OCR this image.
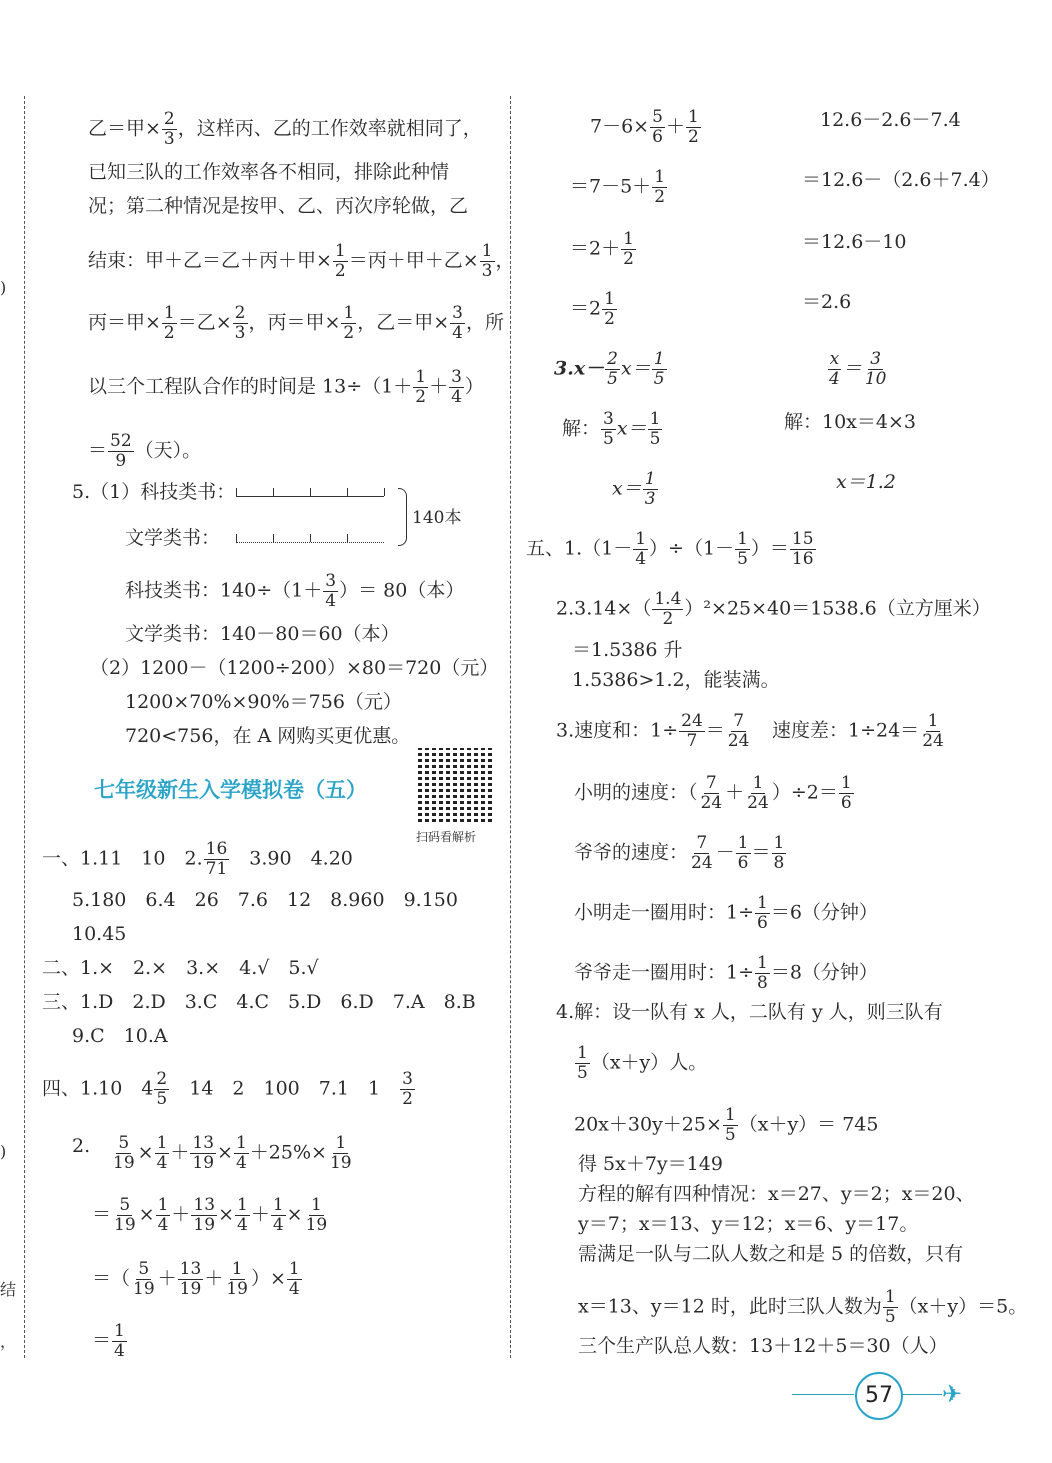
)
)
结
，
乙＝甲× $\frac{2}{3}$ ，这样丙、乙的工作效率就相同了，
已知三队的工作效率各不相同，排除此种情
况；第二种情况是按甲、乙、丙次序轮做，乙
结束：甲＋乙＝乙＋丙＋甲× $\frac{1}{2}$ ＝丙＋甲＋乙× $\frac{1}{3}$ ，
丙＝甲× $\frac{1}{2}$ ＝乙× $\frac{2}{3}$ ，丙＝甲× $\frac{1}{2}$ ，乙＝甲× $\frac{3}{4}$ ，所
以三个工程队合作的时间是 $13\div(1+ \frac{1}{2} + \frac{3}{4}$ ）
＝ $\frac{52}{9}$ （天）。
5.（1）科技类书：
文学类书：
140本
科技类书：$140\div(1+ \frac{3}{4}$ ）＝ 80（本）
文学类书：140－80＝60（本）
（2）1200－（1200÷200）×80＝720（元）
1200×70%×90%＝756（元）
720<756，在 A 网购买更优惠。
七年级新生入学模拟卷（五）
扫码看解析
一、1.11　10　2. $\frac{16}{71}$ 　3.90　4.20
5.180　6.4　26　7.6　12　8.960　9.150
10.45
二、1.×　2.×　3.×　4.√　5.√
三、1.D　2.D　3.C　4.C　5.D　6.D　7.A　8.B
9.C　10.A
四、1.10　$4 \frac{2}{5}$ 　14　2　100　7.1　1　 $\frac{3}{2}$
2. $\frac{5}{19} \times \frac{1}{4} + \frac{13}{19} \times \frac{1}{4} +25\%\times \frac{1}{19}$
＝ $\frac{5}{19} \times \frac{1}{4} + \frac{13}{19} \times \frac{1}{4} + \frac{1}{4} \times \frac{1}{19}$
＝（ $\frac{5}{19} + \frac{13}{19} + \frac{1}{19}$ ）× $\frac{1}{4}$
＝ $\frac{1}{4}$
$7-6\times \frac{5}{6} + \frac{1}{2}$	12.6－2.6－7.4
$=7-5+ \frac{1}{2}$	＝12.6－（2.6＋7.4）
$=2+ \frac{1}{2}$	＝12.6－10
$=2 \frac{1}{2}$	＝2.6
$3.x- \frac{2}{5} x= \frac{1}{5}$	$\frac{x}{4} = \frac{3}{10}$
解： $\frac{3}{5} x= \frac{1}{5}$	解：10x＝4×3
$x= \frac{1}{3}$	x＝1.2
五、$1.(1- \frac{1}{4} )\div(1- \frac{1}{5}$ ）＝ $\frac{15}{16}$
$2.3.14\times( \frac{1.4}{2} )^2\times 25\times 40=1538.6$（立方厘米）
＝1.5386 升
1.5386>1.2，能装满。
3.速度和：$1\div \frac{24}{7} = \frac{7}{24}$ 速度差：$1\div 24= \frac{1}{24}$
小明的速度：（ $\frac{7}{24} + \frac{1}{24} )\div 2= \frac{1}{6}$
爷爷的速度： $\frac{7}{24} - \frac{1}{6} = \frac{1}{8}$
小明走一圈用时：$1\div \frac{1}{6} =6$（分钟）
爷爷走一圈用时：$1\div \frac{1}{8} =8$（分钟）
4.解：设一队有 x 人，二队有 y 人，则三队有
$\frac{1}{5} (x+y)$人。
$20x+30y+25\times \frac{1}{5} (x+y)= 745$
得 5x＋7y＝149
方程的解有四种情况：x＝27、y＝2；x＝20、
y＝7；x＝13、y＝12；x＝6、y＝17。
需满足一队与二队人数之和是 5 的倍数，只有
x＝13、y＝12 时，此时三队人数为 $\frac{1}{5} (x+y)=5$。
三个生产队总人数：13＋12＋5＝30（人）
57	✈
